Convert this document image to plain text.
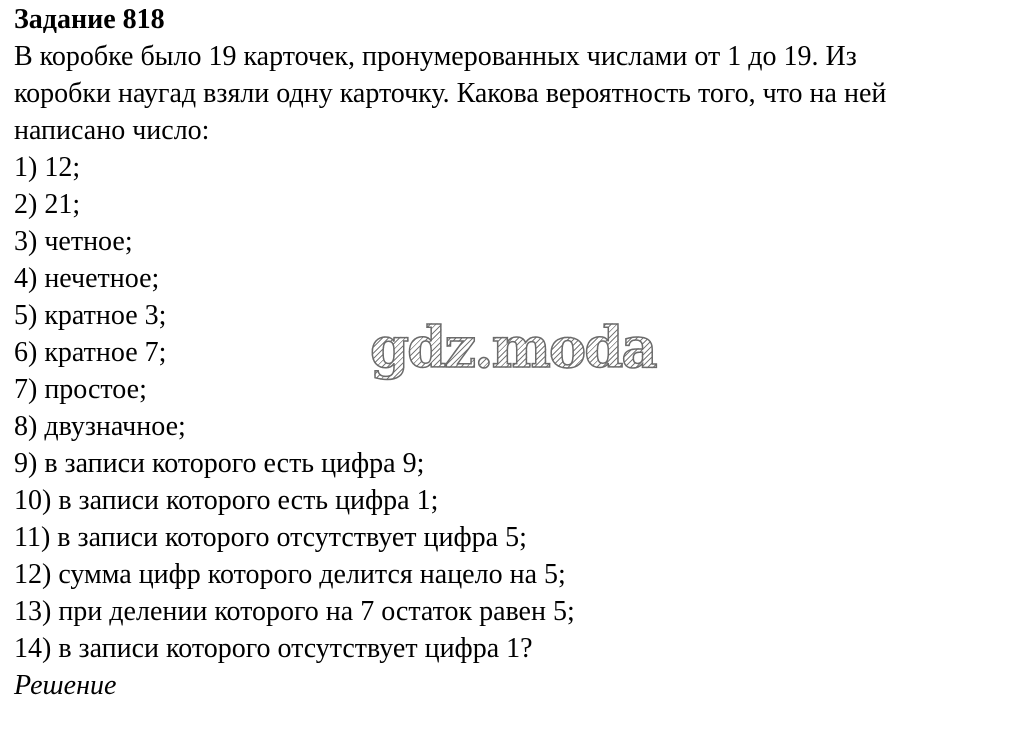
Задание 818
В коробке было 19 карточек, пронумерованных числами от 1 до 19. Из
коробки наугад взяли одну карточку. Какова вероятность того, что на ней
написано число:
1) 12;
2) 21;
3) четное;
4) нечетное;
5) кратное 3;
6) кратное 7;
7) простое;
8) двузначное;
9) в записи которого есть цифра 9;
10) в записи которого есть цифра 1;
11) в записи которого отсутствует цифра 5;
12) сумма цифр которого делится нацело на 5;
13) при делении которого на 7 остаток равен 5;
14) в записи которого отсутствует цифра 1?

Решение

gdz.moda
